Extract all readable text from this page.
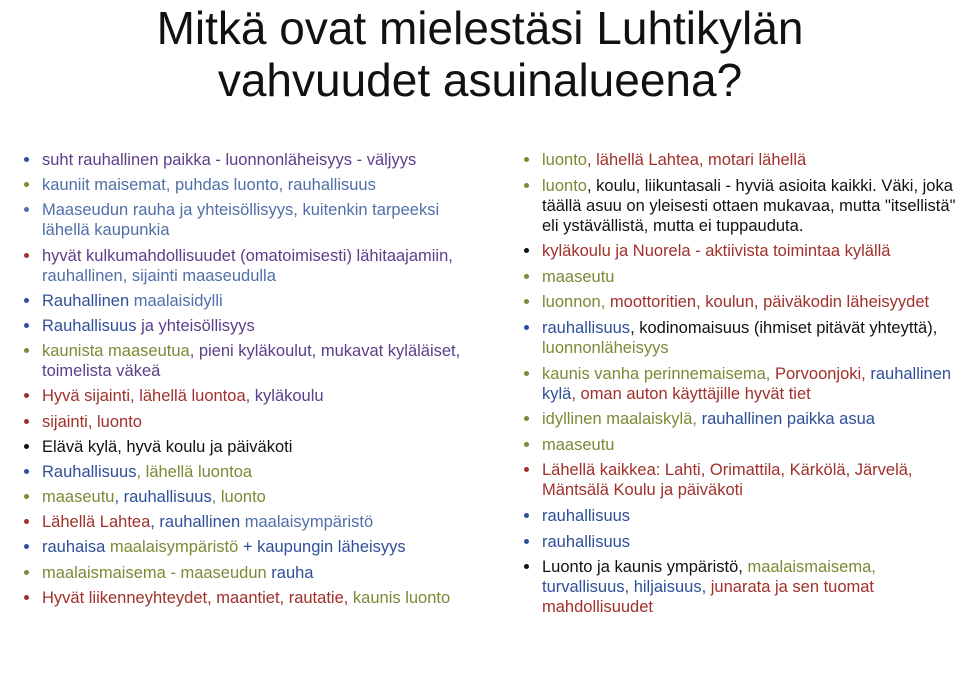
Mitkä ovat mielestäsi Luhtikylän
vahvuudet asuinalueena?
suht rauhallinen paikka - luonnonläheisyys - väljyys
kauniit maisemat, puhdas luonto, rauhallisuus
Maaseudun rauha ja yhteisöllisyys, kuitenkin tarpeeksi lähellä kaupunkia
hyvät kulkumahdollisuudet (omatoimisesti) lähitaajamiin, rauhallinen, sijainti maaseudulla
Rauhallinen maalaisidylli
Rauhallisuus ja yhteisöllisyys
kaunista maaseutua, pieni kyläkoulut, mukavat kyläläiset, toimelista väkeä
Hyvä sijainti, lähellä luontoa, kyläkoulu
sijainti, luonto
Elävä kylä, hyvä koulu ja päiväkoti
Rauhallisuus, lähellä luontoa
maaseutu, rauhallisuus, luonto
Lähellä Lahtea, rauhallinen maalaisympäristö
rauhaisa maalaisympäristö + kaupungin läheisyys
maalaismaisema - maaseudun rauha
Hyvät liikenneyhteydet, maantiet, rautatie, kaunis luonto
luonto, lähellä Lahtea, motari lähellä
luonto, koulu, liikuntasali - hyviä asioita kaikki. Väki, joka täällä asuu on yleisesti ottaen mukavaa, mutta "itsellistä" eli ystävällistä, mutta ei tuppauduta.
kyläkoulu ja Nuorela - aktiivista toimintaa kylällä
maaseutu
luonnon, moottoritien, koulun, päiväkodin läheisyydet
rauhallisuus, kodinomaisuus (ihmiset pitävät yhteyttä), luonnonläheisyys
kaunis vanha perinnemaisema, Porvoonjoki, rauhallinen kylä, oman auton käyttäjille hyvät tiet
idyllinen maalaiskylä, rauhallinen paikka asua
maaseutu
Lähellä kaikkea: Lahti, Orimattila, Kärkölä, Järvelä, Mäntsälä Koulu ja päiväkoti
rauhallisuus
rauhallisuus
Luonto ja kaunis ympäristö, maalaismaisema, turvallisuus, hiljaisuus, junarata ja sen tuomat mahdollisuudet
